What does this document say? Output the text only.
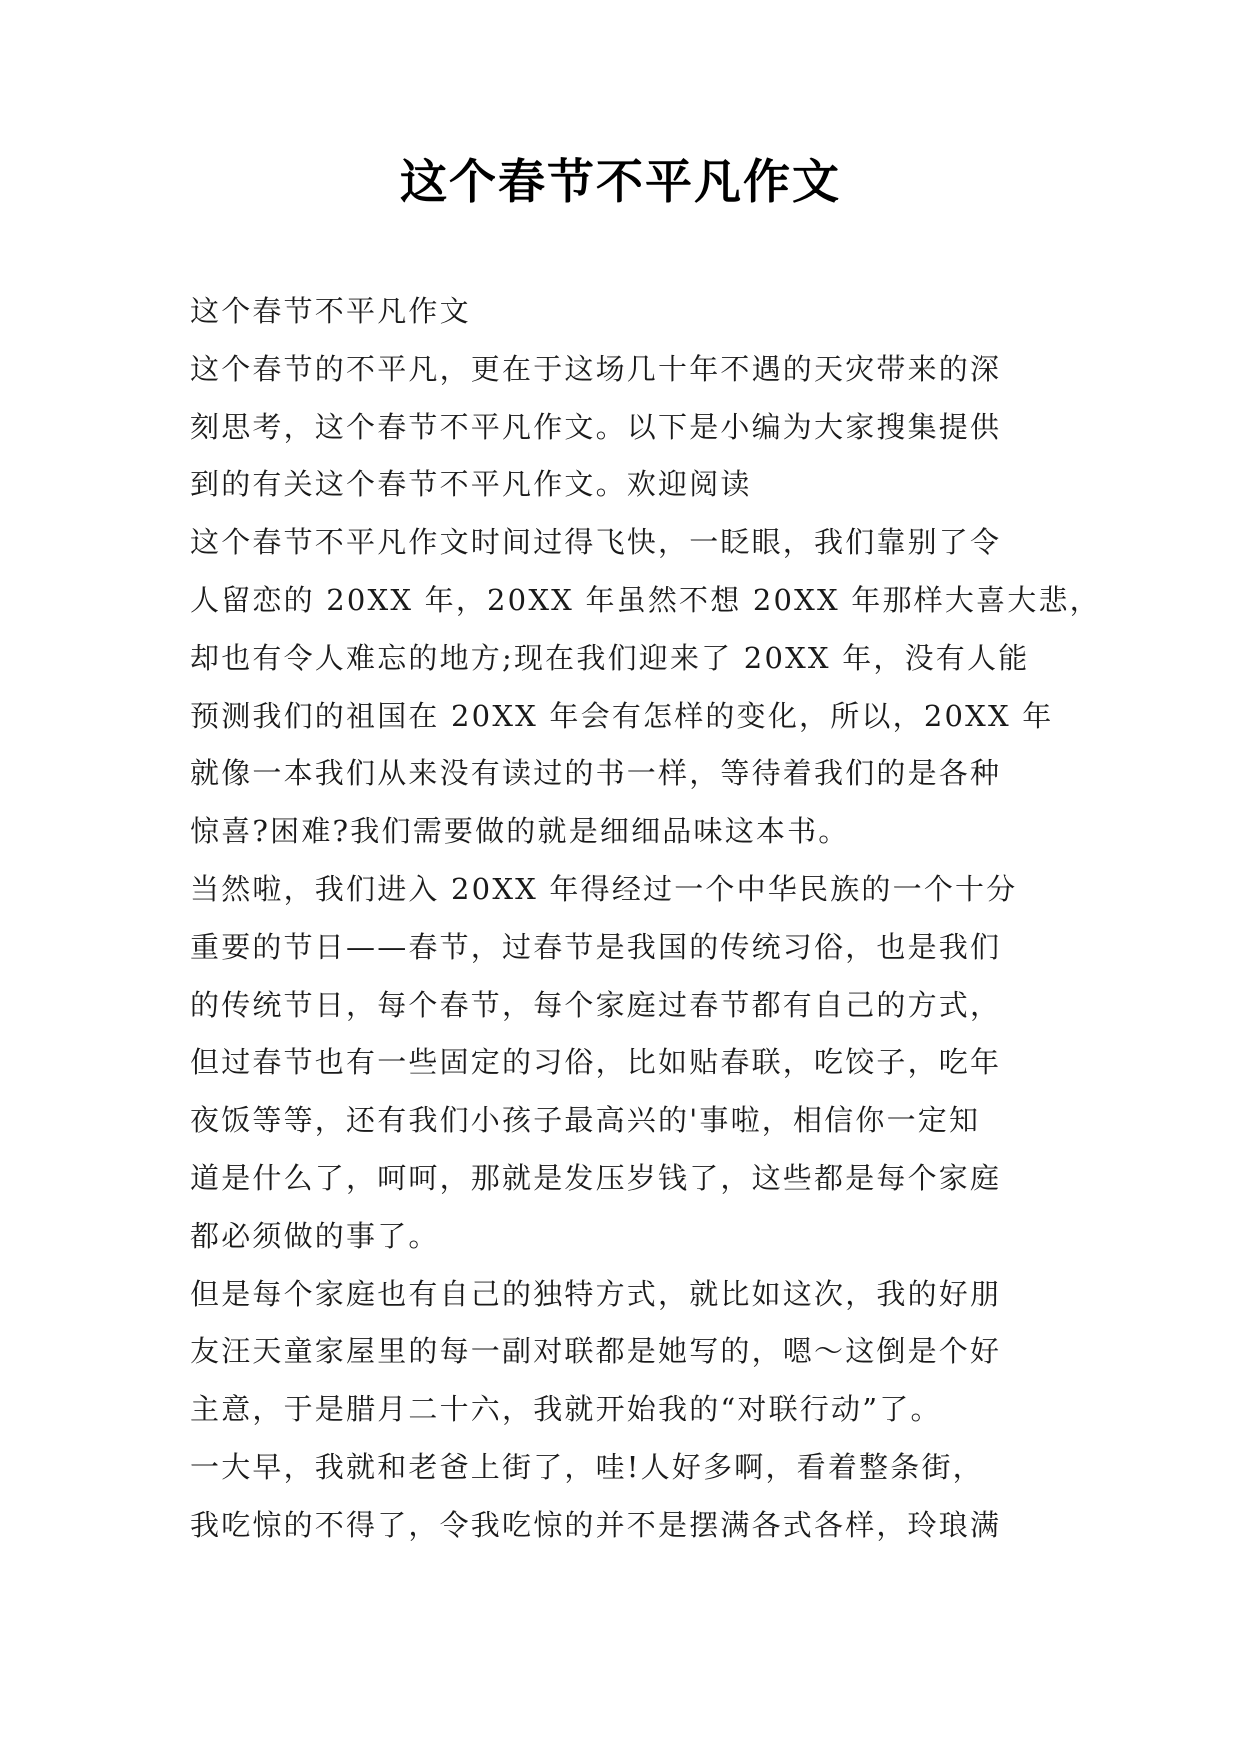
这个春节不平凡作文
这个春节不平凡作文
这个春节的不平凡，更在于这场几十年不遇的天灾带来的深
刻思考，这个春节不平凡作文。以下是小编为大家搜集提供
到的有关这个春节不平凡作文。欢迎阅读
这个春节不平凡作文时间过得飞快，一眨眼，我们靠别了令
人留恋的 20XX 年，20XX 年虽然不想 20XX 年那样大喜大悲，
却也有令人难忘的地方;现在我们迎来了 20XX 年，没有人能
预测我们的祖国在 20XX 年会有怎样的变化，所以，20XX 年
就像一本我们从来没有读过的书一样，等待着我们的是各种
惊喜?困难?我们需要做的就是细细品味这本书。
当然啦，我们进入 20XX 年得经过一个中华民族的一个十分
重要的节日——春节，过春节是我国的传统习俗，也是我们
的传统节日，每个春节，每个家庭过春节都有自己的方式，
但过春节也有一些固定的习俗，比如贴春联，吃饺子，吃年
夜饭等等，还有我们小孩子最高兴的'事啦，相信你一定知
道是什么了，呵呵，那就是发压岁钱了，这些都是每个家庭
都必须做的事了。
但是每个家庭也有自己的独特方式，就比如这次，我的好朋
友汪天童家屋里的每一副对联都是她写的，嗯～这倒是个好
主意，于是腊月二十六，我就开始我的“对联行动”了。
一大早，我就和老爸上街了，哇!人好多啊，看着整条街，
我吃惊的不得了，令我吃惊的并不是摆满各式各样，玲琅满
